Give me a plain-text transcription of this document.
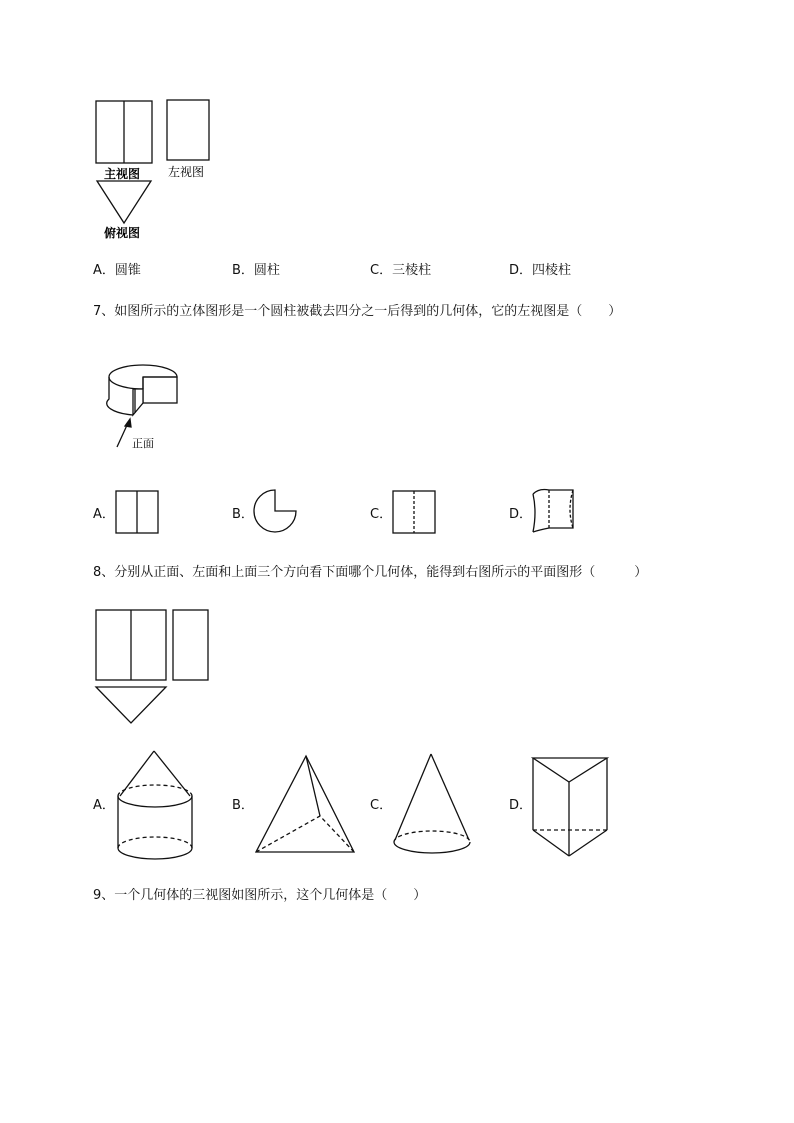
主视图 左视图
俯视图
A．圆锥	B．圆柱	C．三棱柱	D．四棱柱
7、如图所示的立体图形是一个圆柱被截去四分之一后得到的几何体，它的左视图是（　　）
正面
A．	B．	C．	D．
8、分别从正面、左面和上面三个方向看下面哪个几何体，能得到右图所示的平面图形（　　　）
A．	B．	C．	D．
9、一个几何体的三视图如图所示，这个几何体是（　　）
